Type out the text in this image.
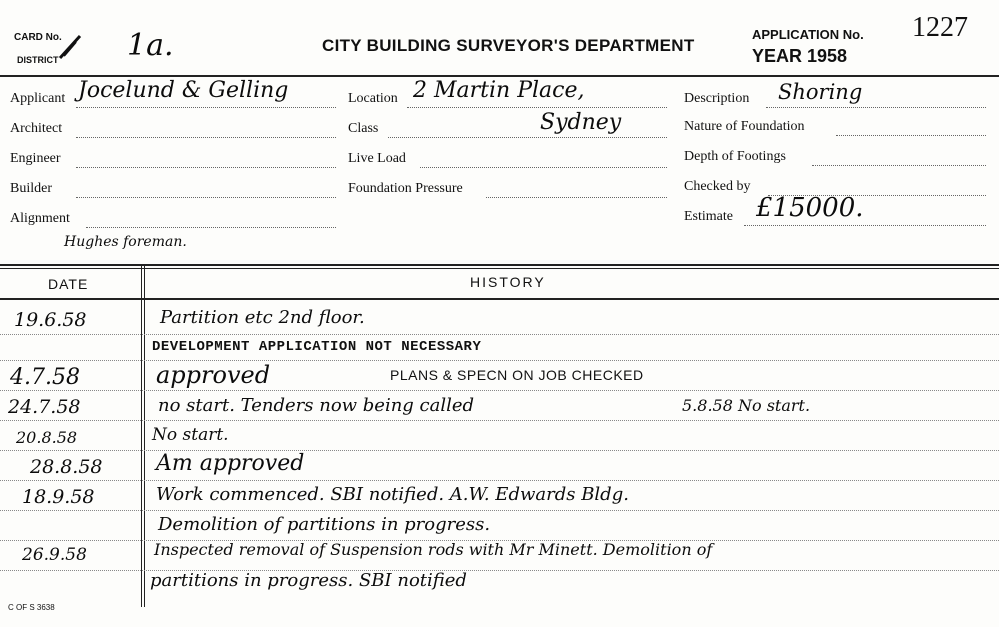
CARD No.
DISTRICT 1a.	CITY BUILDING SURVEYOR'S DEPARTMENT
APPLICATION No. 1227
YEAR 1958
Applicant Jocelund & Gelling
Architect
Engineer
Builder
Alignment
Hughes foreman.
Location 2 Martin Place,
Class	Sydney
Live Load
Foundation Pressure
Description Shoring
Nature of Foundation
Depth of Footings
Checked by
Estimate £15000.
DATE	HISTORY
19.6.58	Partition etc 2nd floor.
DEVELOPMENT APPLICATION NOT NECESSARY
4.7.58	approved	PLANS & SPECN ON JOB CHECKED
24.7.58	no start. Tenders now being called	5.8.58 No start.
20.8.58	No start.
28.8.58 Am approved
18.9.58	Work commenced. SBI notified. A.W. Edwards Bldg.
Demolition of partitions in progress.
26.9.58	Inspected removal of Suspension rods with Mr Minett. Demolition of
partitions in progress. SBI notified
C OF S 3638
